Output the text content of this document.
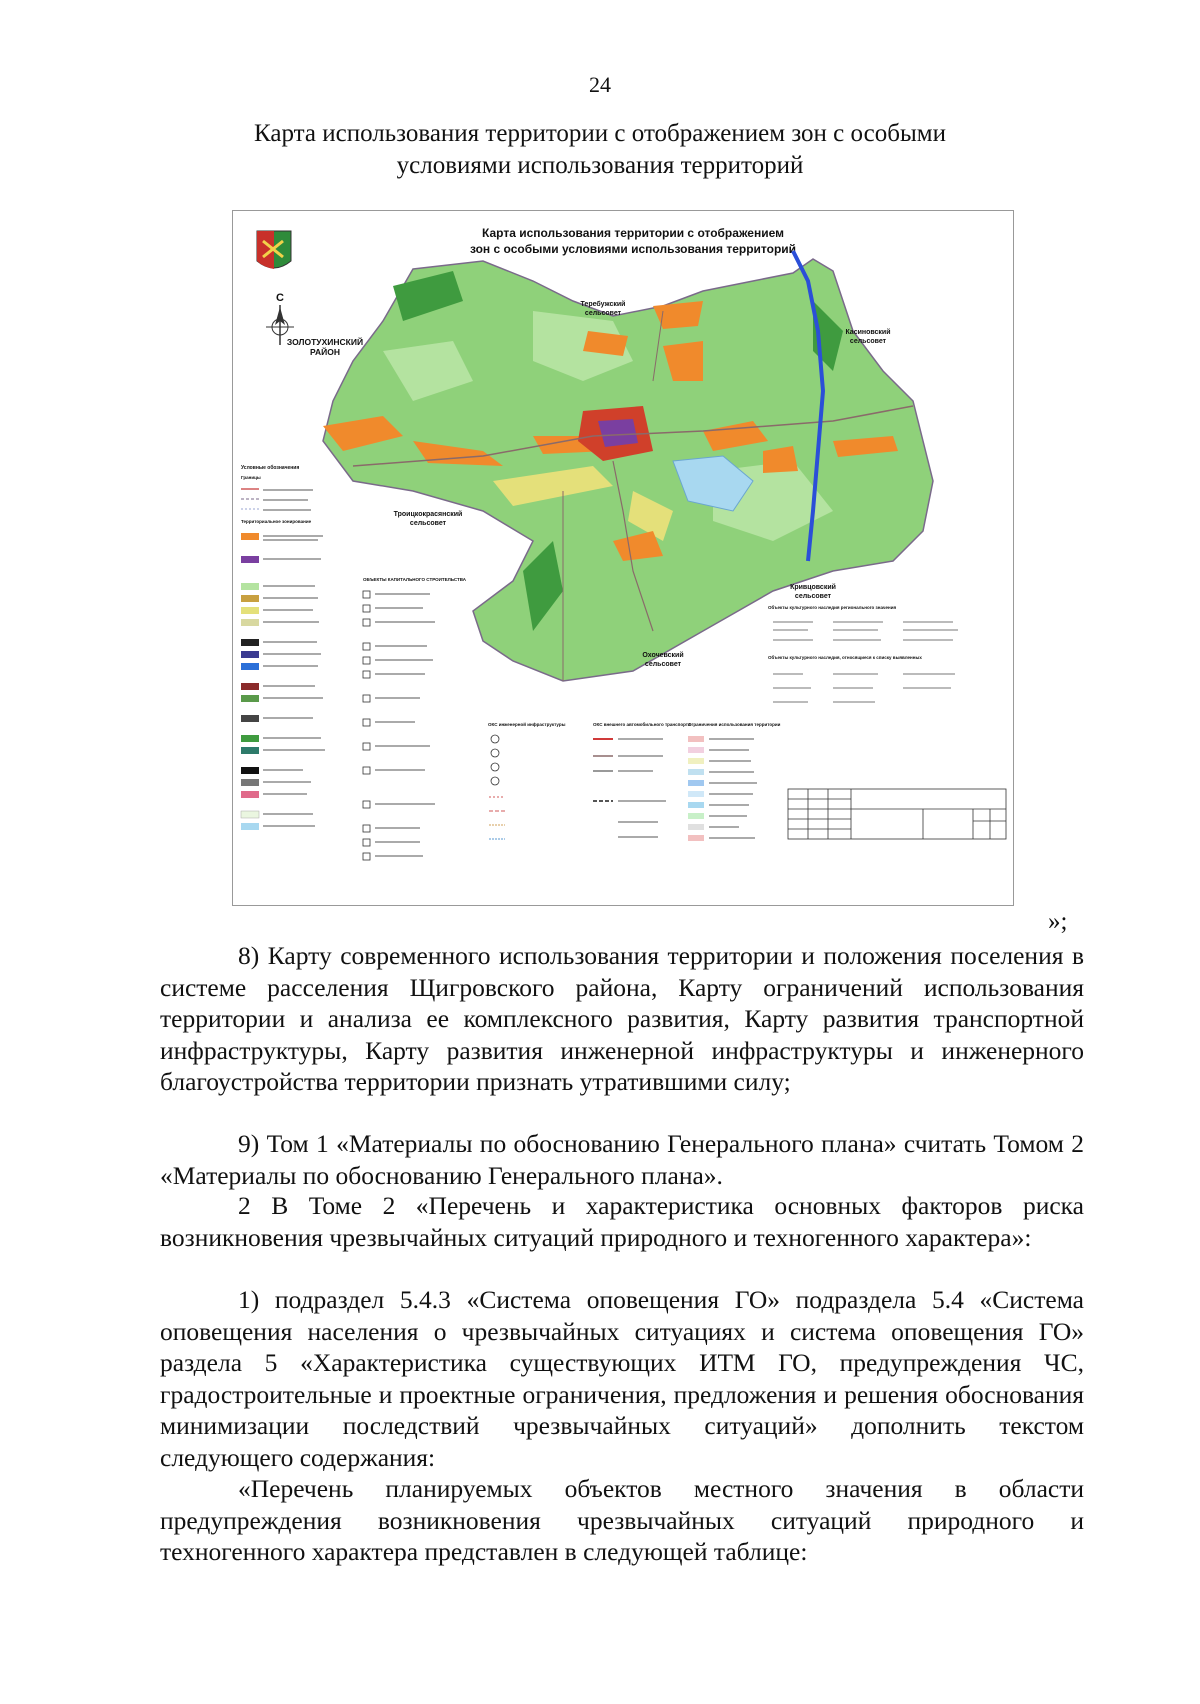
24
Карта использования территории с отображением зон с особыми условиями использования территорий
Карта использования территории с отображением
зон с особыми условиями использования территорий
С
ЗОЛОТУХИНСКИЙ
РАЙОН
Теребужский
сельсовет
Касиновский
сельсовет
Троицкокрасянский
сельсовет
Кривцовский
сельсовет
Охочевский
сельсовет
Условные обозначения
Границы
Территориальное зонирование
ОБЪЕКТЫ КАПИТАЛЬНОГО СТРОИТЕЛЬСТВА
ОКС инженерной инфраструктуры	ОКС внешнего автомобильного транспорта
Ограничения использования территории
Объекты культурного наследия регионального значения
Объекты культурного наследия, относящиеся к списку выявленных
»;

8) Карту современного использования территории и положения поселения в системе расселения Щигровского района, Карту ограничений использования территории и анализа ее комплексного развития, Карту развития транспортной инфраструктуры, Карту развития инженерной инфраструктуры и инженерного благоустройства территории признать утратившими силу;

9) Том 1 «Материалы по обоснованию Генерального плана» считать Томом 2 «Материалы по обоснованию Генерального плана».

2 В Томе 2 «Перечень и характеристика основных факторов риска возникновения чрезвычайных ситуаций природного и техногенного характера»:

1) подраздел 5.4.3 «Система оповещения ГО» подраздела 5.4 «Система оповещения населения о чрезвычайных ситуациях и система оповещения ГО» раздела 5 «Характеристика существующих ИТМ ГО, предупреждения ЧС, градостроительные и проектные ограничения, предложения и решения обоснования минимизации последствий чрезвычайных ситуаций» дополнить текстом следующего содержания:

«Перечень планируемых объектов местного значения в области предупреждения возникновения чрезвычайных ситуаций природного и техногенного характера представлен в следующей таблице:
